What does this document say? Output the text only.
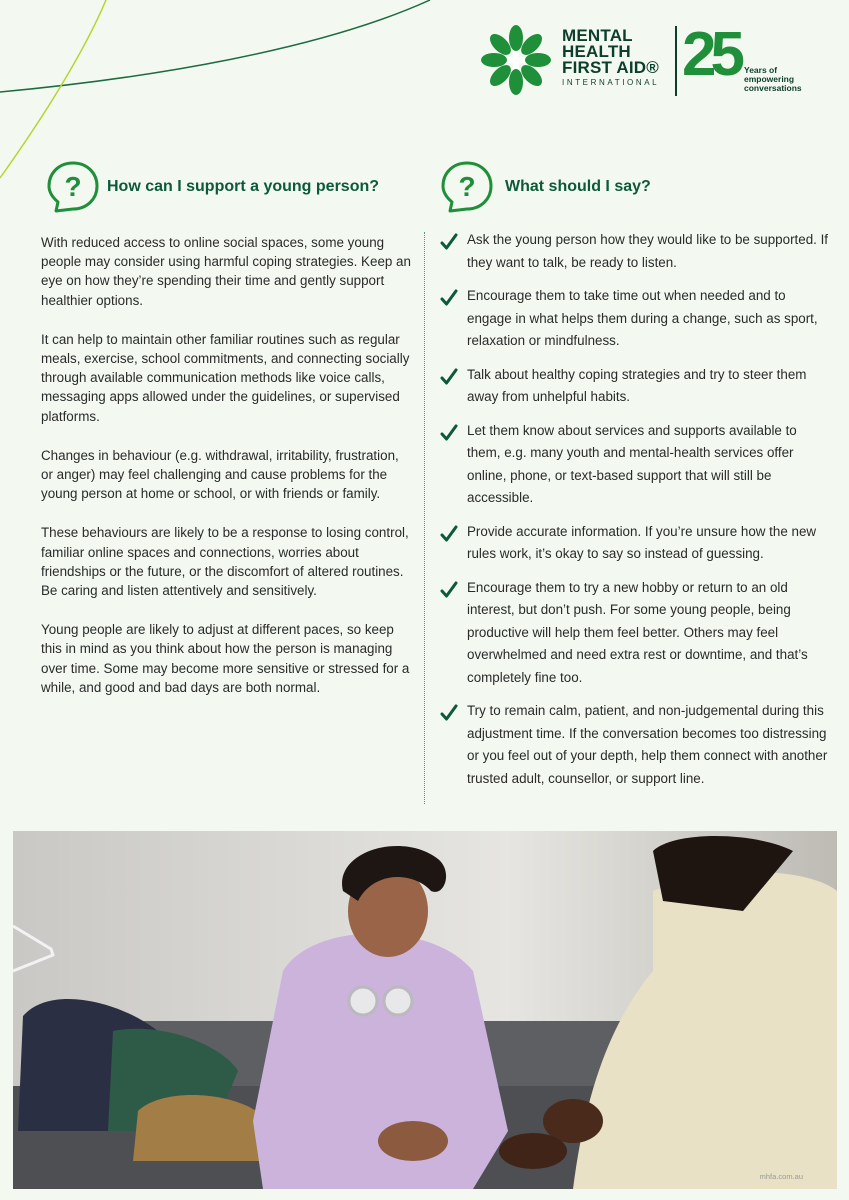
MENTAL
HEALTH
FIRST AID®
INTERNATIONAL 25 Years of
empowering
conversations
? How can I support a young person?	? What should I say?

With reduced access to online social spaces, some young people may consider using harmful coping strategies. Keep an eye on how they’re spending their time and gently support healthier options.

It can help to maintain other familiar routines such as regular meals, exercise, school commitments, and connecting socially through available communication methods like voice calls, messaging apps allowed under the guidelines, or supervised platforms.

Changes in behaviour (e.g. withdrawal, irritability, frustration, or anger) may feel challenging and cause problems for the young person at home or school, or with friends or family.

These behaviours are likely to be a response to losing control, familiar online spaces and connections, worries about friendships or the future, or the discomfort of altered routines. Be caring and listen attentively and sensitively.

Young people are likely to adjust at different paces, so keep this in mind as you think about how the person is managing over time. Some may become more sensitive or stressed for a while, and good and bad days are both normal.

Ask the young person how they would like to be supported. If they want to talk, be ready to listen.
Encourage them to take time out when needed and to engage in what helps them during a change, such as sport, relaxation or mindfulness.
Talk about healthy coping strategies and try to steer them away from unhelpful habits.
Let them know about services and supports available to them, e.g. many youth and mental-health services offer online, phone, or text-based support that will still be accessible.
Provide accurate information. If you’re unsure how the new rules work, it’s okay to say so instead of guessing.
Encourage them to try a new hobby or return to an old interest, but don’t push. For some young people, being productive will help them feel better. Others may feel overwhelmed and need extra rest or downtime, and that’s completely fine too.
Try to remain calm, patient, and non-judgemental during this adjustment time. If the conversation becomes too distressing or you feel out of your depth, help them connect with another trusted adult, counsellor, or support line.
mhfa.com.au
